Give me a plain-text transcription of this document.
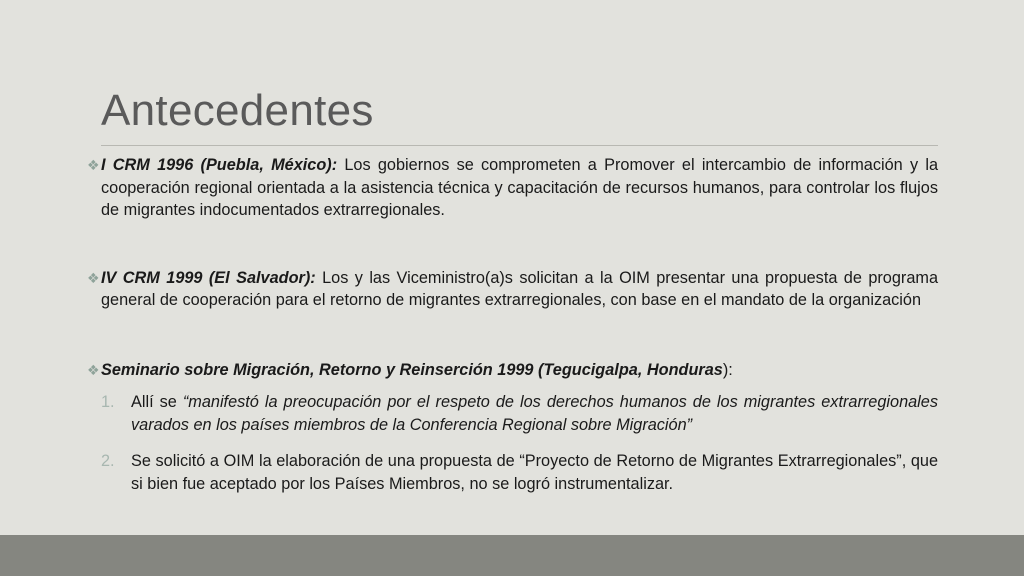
Antecedentes

❖I CRM 1996 (Puebla, México): Los gobiernos se comprometen a Promover el intercambio de información y la cooperación regional orientada a la asistencia técnica y capacitación de recursos humanos, para controlar los flujos de migrantes indocumentados extrarregionales.

❖IV CRM 1999 (El Salvador): Los y las Viceministro(a)s solicitan a la OIM presentar una propuesta de programa general de cooperación para el retorno de migrantes extrarregionales, con base en el mandato de la organización

❖Seminario sobre Migración, Retorno y Reinserción 1999 (Tegucigalpa, Honduras):

1. Allí se “manifestó la preocupación por el respeto de los derechos humanos de los migrantes extrarregionales varados en los países miembros de la Conferencia Regional sobre Migración”
2. Se solicitó a OIM la elaboración de una propuesta de “Proyecto de Retorno de Migrantes Extrarregionales”, que si bien fue aceptado por los Países Miembros, no se logró instrumentalizar.
